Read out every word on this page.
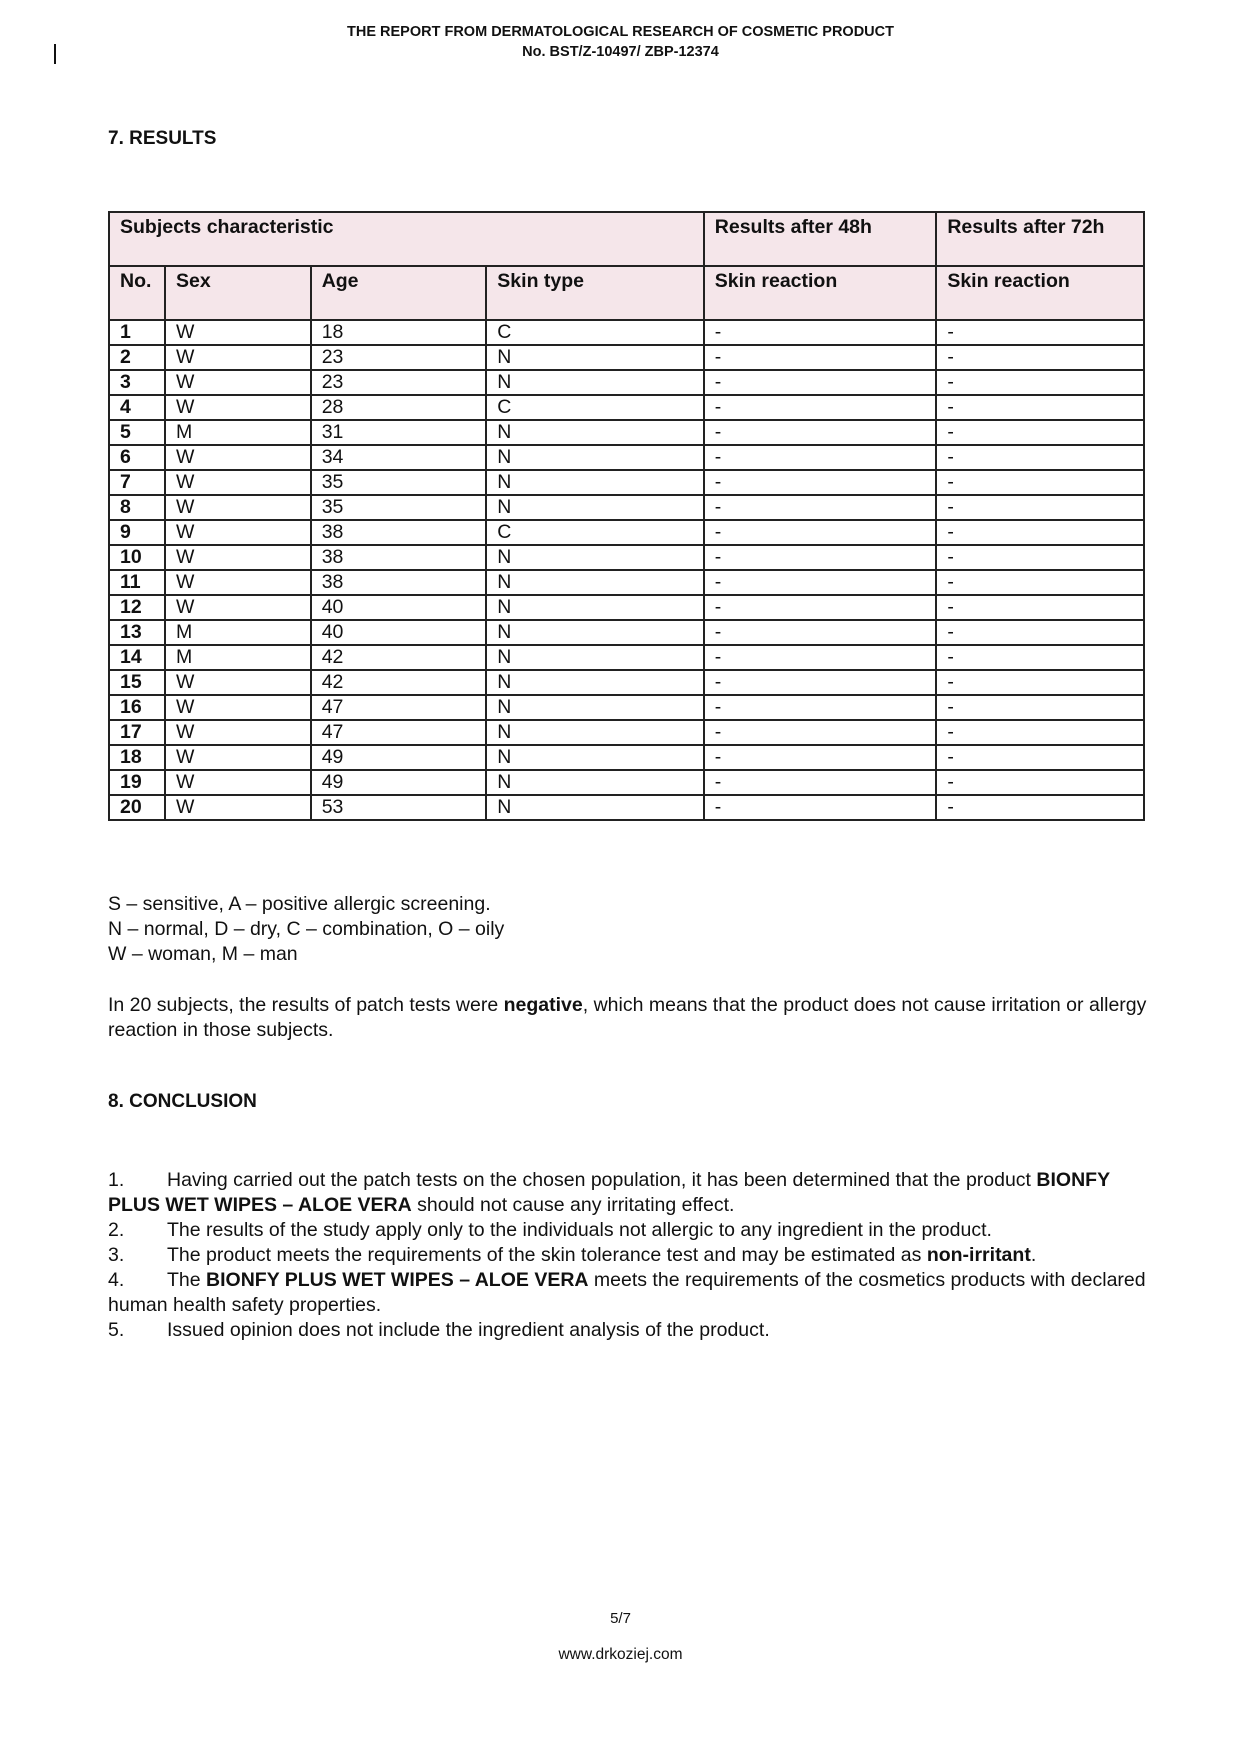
THE REPORT FROM DERMATOLOGICAL RESEARCH OF COSMETIC PRODUCT
No. BST/Z-10497/ ZBP-12374
7. RESULTS
Subjects characteristic				Results after 48h	Results after 72h
No.	Sex	Age	Skin type	Skin reaction	Skin reaction
1	W	18	C	-	-
2	W	23	N	-	-
3	W	23	N	-	-
4	W	28	C	-	-
5	M	31	N	-	-
6	W	34	N	-	-
7	W	35	N	-	-
8	W	35	N	-	-
9	W	38	C	-	-
10	W	38	N	-	-
11	W	38	N	-	-
12	W	40	N	-	-
13	M	40	N	-	-
14	M	42	N	-	-
15	W	42	N	-	-
16	W	47	N	-	-
17	W	47	N	-	-
18	W	49	N	-	-
19	W	49	N	-	-
20	W	53	N	-	-
S – sensitive, A – positive allergic screening.
N – normal, D – dry, C – combination, O – oily
W – woman, M – man
In 20 subjects, the results of patch tests were negative, which means that the product does not cause irritation or allergy reaction in those subjects.
8. CONCLUSION

1. Having carried out the patch tests on the chosen population, it has been determined that the product BIONFY PLUS WET WIPES – ALOE VERA should not cause any irritating effect.

2. The results of the study apply only to the individuals not allergic to any ingredient in the product.

3. The product meets the requirements of the skin tolerance test and may be estimated as non-irritant.

4. The BIONFY PLUS WET WIPES – ALOE VERA meets the requirements of the cosmetics products with declared human health safety properties.

5. Issued opinion does not include the ingredient analysis of the product.

5/7
www.drkoziej.com
